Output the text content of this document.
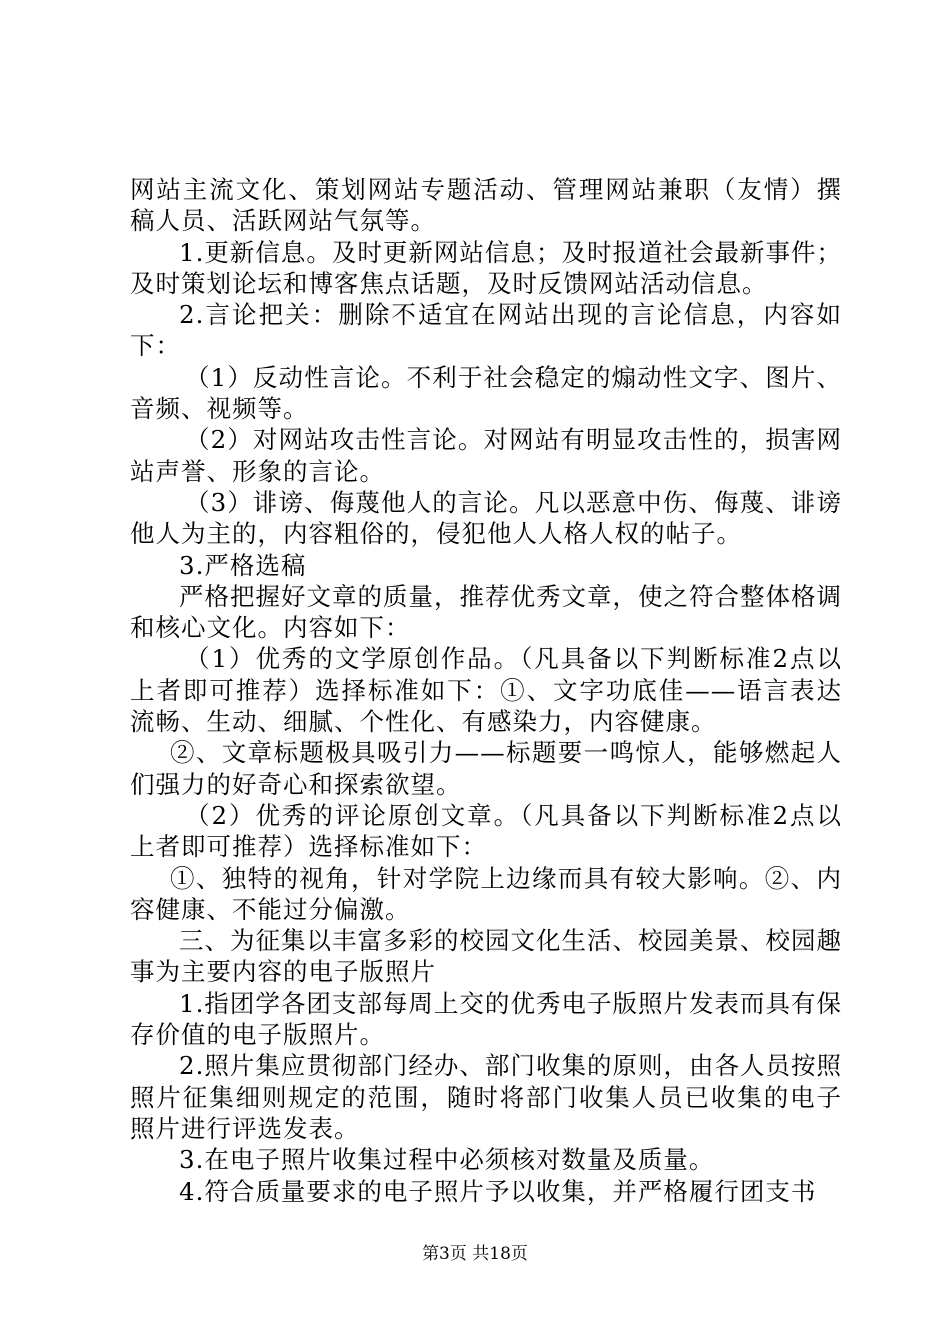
网站主流文化、策划网站专题活动、管理网站兼职（友情）撰稿人员、活跃网站气氛等。

1.更新信息。及时更新网站信息；及时报道社会最新事件；及时策划论坛和博客焦点话题，及时反馈网站活动信息。

2.言论把关：删除不适宜在网站出现的言论信息，内容如下：

（1）反动性言论。不利于社会稳定的煽动性文字、图片、音频、视频等。

（2）对网站攻击性言论。对网站有明显攻击性的，损害网站声誉、形象的言论。

（3）诽谤、侮蔑他人的言论。凡以恶意中伤、侮蔑、诽谤他人为主的，内容粗俗的，侵犯他人人格人权的帖子。

3.严格选稿

严格把握好文章的质量，推荐优秀文章，使之符合整体格调和核心文化。内容如下：

（1）优秀的文学原创作品。（凡具备以下判断标准2点以上者即可推荐）选择标准如下：①、文字功底佳——语言表达流畅、生动、细腻、个性化、有感染力，内容健康。

②、文章标题极具吸引力——标题要一鸣惊人，能够燃起人们强力的好奇心和探索欲望。

（2）优秀的评论原创文章。（凡具备以下判断标准2点以上者即可推荐）选择标准如下：

①、独特的视角，针对学院上边缘而具有较大影响。②、内容健康、不能过分偏激。

三、为征集以丰富多彩的校园文化生活、校园美景、校园趣事为主要内容的电子版照片

1.指团学各团支部每周上交的优秀电子版照片发表而具有保存价值的电子版照片。

2.照片集应贯彻部门经办、部门收集的原则，由各人员按照照片征集细则规定的范围，随时将部门收集人员已收集的电子照片进行评选发表。

3.在电子照片收集过程中必须核对数量及质量。

4.符合质量要求的电子照片予以收集，并严格履行团支书

第3页 共18页
